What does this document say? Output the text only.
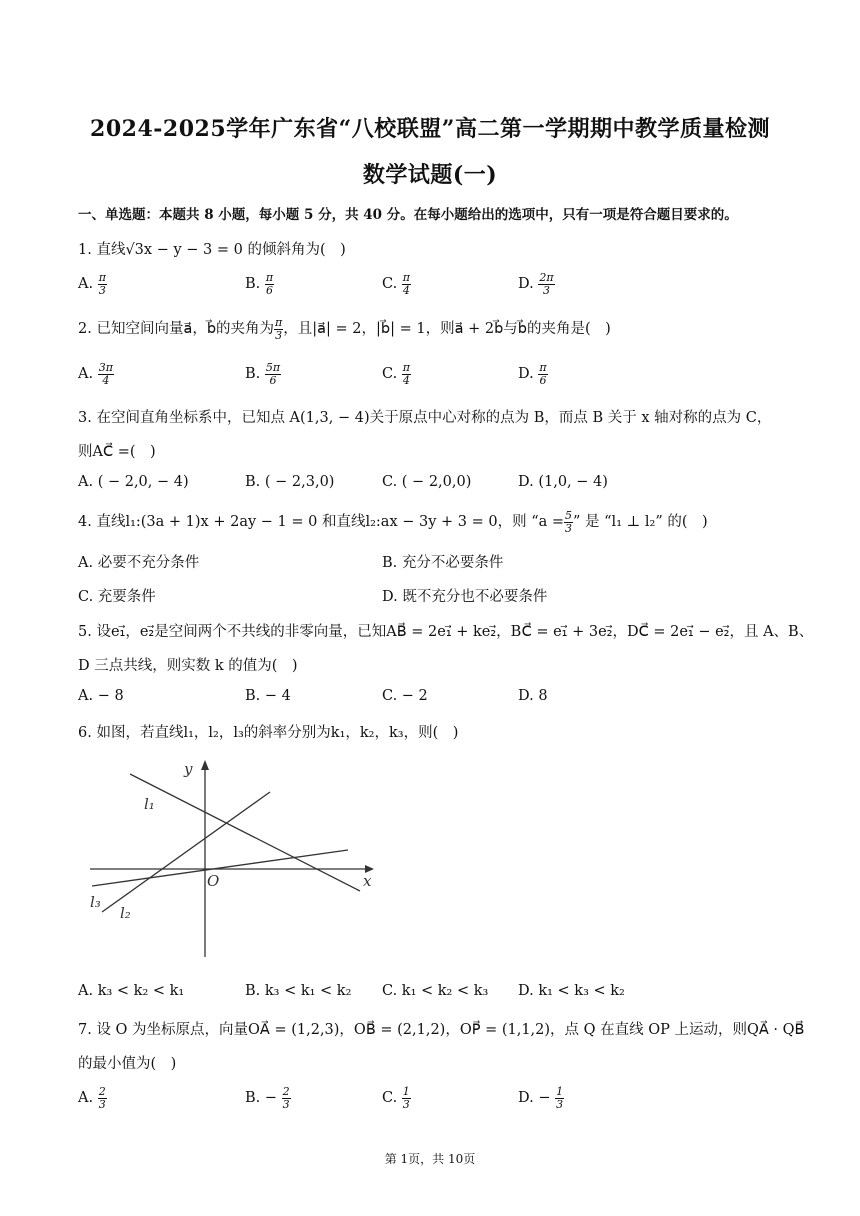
2024-2025学年广东省“八校联盟”高二第一学期期中教学质量检测
数学试题(一)
一、单选题：本题共 8 小题，每小题 5 分，共 40 分。在每小题给出的选项中，只有一项是符合题目要求的。
1. 直线√3x − y − 3 = 0 的倾斜角为(　)
A. $\frac{\pi}{3}$	B. $\frac{\pi}{6}$	C. $\frac{\pi}{4}$	D. $\frac{2\pi}{3}$
2. 已知空间向量a⃗，b⃗的夹角为 $\frac{\pi}{3}$ ，且|a⃗| = 2，|b⃗| = 1，则a⃗ + 2b⃗与b⃗的夹角是(　)
A. $\frac{3\pi}{4}$	B. $\frac{5\pi}{6}$	C. $\frac{\pi}{4}$	D. $\frac{\pi}{6}$
3. 在空间直角坐标系中，已知点 A(1,3, − 4)关于原点中心对称的点为 B，而点 B 关于 x 轴对称的点为 C，
则AC⃗ =(　)
A. ( − 2,0, − 4)	B. ( − 2,3,0)	C. ( − 2,0,0)	D. (1,0, − 4)
4. 直线l₁:(3a + 1)x + 2ay − 1 = 0 和直线l₂:ax − 3y + 3 = 0，则 “$a = \frac{5}{3}$ ” 是 “l₁ ⊥ l₂” 的(　)
A. 必要不充分条件	B. 充分不必要条件
C. 充要条件	D. 既不充分也不必要条件
5. 设e₁⃗，e₂⃗是空间两个不共线的非零向量，已知AB⃗ = 2e₁⃗ + ke₂⃗，BC⃗ = e₁⃗ + 3e₂⃗，DC⃗ = 2e₁⃗ − e₂⃗，且 A、B、
D 三点共线，则实数 k 的值为(　)
A. − 8	B. − 4	C. − 2	D. 8
6. 如图，若直线l₁，l₂，l₃的斜率分别为k₁，k₂，k₃，则(　)
y
x
O
l₁
l₂
l₃
A. k₃ < k₂ < k₁	B. k₃ < k₁ < k₂ C. k₁ < k₂ < k₃ D. k₁ < k₃ < k₂
7. 设 O 为坐标原点，向量OA⃗ = (1,2,3)，OB⃗ = (2,1,2)，OP⃗ = (1,1,2)，点 Q 在直线 OP 上运动，则QA⃗ · QB⃗
的最小值为(　)
A. $\frac{2}{3}$	B. − $\frac{2}{3}$	C. $\frac{1}{3}$	D. − $\frac{1}{3}$
第 1页，共 10页
